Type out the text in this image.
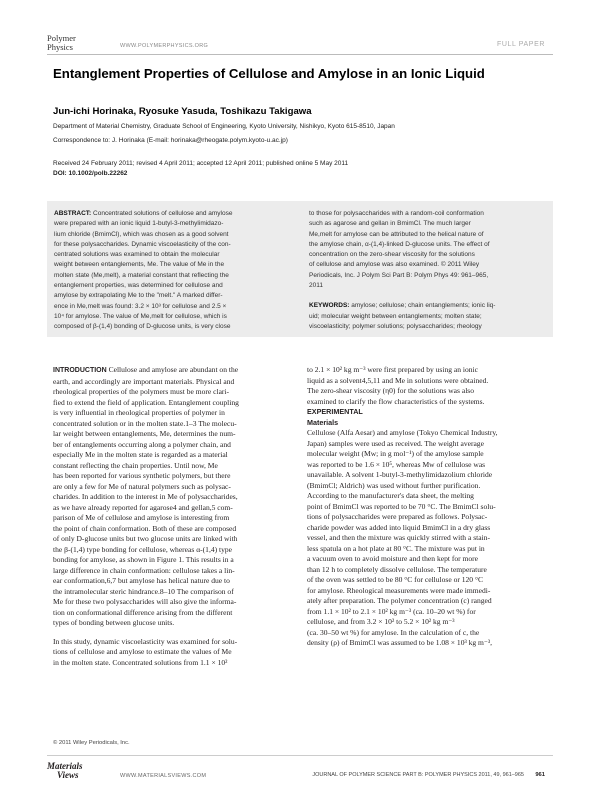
Polymer
Physics	WWW.POLYMERPHYSICS.ORG	FULL PAPER
Entanglement Properties of Cellulose and Amylose in an Ionic Liquid
Jun-ichi Horinaka, Ryosuke Yasuda, Toshikazu Takigawa
Department of Material Chemistry, Graduate School of Engineering, Kyoto University, Nishikyo, Kyoto 615-8510, Japan
Correspondence to: J. Horinaka (E-mail: horinaka@rheogate.polym.kyoto-u.ac.jp)
Received 24 February 2011; revised 4 April 2011; accepted 12 April 2011; published online 5 May 2011
DOI: 10.1002/polb.22262
ABSTRACT: Concentrated solutions of cellulose and amylose
were prepared with an ionic liquid 1-butyl-3-methylimidazo-
lium chloride (BmimCl), which was chosen as a good solvent
for these polysaccharides. Dynamic viscoelasticity of the con-
centrated solutions was examined to obtain the molecular
weight between entanglements, Me. The value of Me in the
molten state (Me,melt), a material constant that reflecting the
entanglement properties, was determined for cellulose and
amylose by extrapolating Me to the "melt." A marked differ-
ence in Me,melt was found: 3.2 × 10³ for cellulose and 2.5 ×
10⁴ for amylose. The value of Me,melt for cellulose, which is
composed of β-(1,4) bonding of D-glucose units, is very close
to those for polysaccharides with a random-coil conformation
such as agarose and gellan in BmimCl. The much larger
Me,melt for amylose can be attributed to the helical nature of
the amylose chain, α-(1,4)-linked D-glucose units. The effect of
concentration on the zero-shear viscosity for the solutions
of cellulose and amylose was also examined. © 2011 Wiley
Periodicals, Inc. J Polym Sci Part B: Polym Phys 49: 961–965,
2011
KEYWORDS: amylose; cellulose; chain entanglements; ionic liq-
uid; molecular weight between entanglements; molten state;
viscoelasticity; polymer solutions; polysaccharides; rheology

INTRODUCTION Cellulose and amylose are abundant on the

earth, and accordingly are important materials. Physical and

rheological properties of the polymers must be more clari-

fied to extend the field of application. Entanglement coupling

is very influential in rheological properties of polymer in

concentrated solution or in the molten state.1–3 The molecu-

lar weight between entanglements, Me, determines the num-

ber of entanglements occurring along a polymer chain, and

especially Me in the molten state is regarded as a material

constant reflecting the chain properties. Until now, Me

has been reported for various synthetic polymers, but there

are only a few for Me of natural polymers such as polysac-

charides. In addition to the interest in Me of polysaccharides,

as we have already reported for agarose4 and gellan,5 com-

parison of Me of cellulose and amylose is interesting from

the point of chain conformation. Both of these are composed

of only D-glucose units but two glucose units are linked with

the β-(1,4) type bonding for cellulose, whereas α-(1,4) type

bonding for amylose, as shown in Figure 1. This results in a

large difference in chain conformation: cellulose takes a lin-

ear conformation,6,7 but amylose has helical nature due to

the intramolecular steric hindrance.8–10 The comparison of

Me for these two polysaccharides will also give the informa-

tion on conformational difference arising from the different

types of bonding between glucose units.

In this study, dynamic viscoelasticity was examined for solu-

tions of cellulose and amylose to estimate the values of Me

in the molten state. Concentrated solutions from 1.1 × 10²

to 2.1 × 10² kg m⁻³ were first prepared by using an ionic

liquid as a solvent4,5,11 and Me in solutions were obtained.

The zero-shear viscosity (η0) for the solutions was also

examined to clarify the flow characteristics of the systems.

EXPERIMENTAL

Materials

Cellulose (Alfa Aesar) and amylose (Tokyo Chemical Industry,

Japan) samples were used as received. The weight average

molecular weight (Mw; in g mol⁻¹) of the amylose sample

was reported to be 1.6 × 10⁵, whereas Mw of cellulose was

unavailable. A solvent 1-butyl-3-methylimidazolium chloride

(BmimCl; Aldrich) was used without further purification.

According to the manufacturer's data sheet, the melting

point of BmimCl was reported to be 70 °C. The BmimCl solu-

tions of polysaccharides were prepared as follows. Polysac-

charide powder was added into liquid BmimCl in a dry glass

vessel, and then the mixture was quickly stirred with a stain-

less spatula on a hot plate at 80 °C. The mixture was put in

a vacuum oven to avoid moisture and then kept for more

than 12 h to completely dissolve cellulose. The temperature

of the oven was settled to be 80 °C for cellulose or 120 °C

for amylose. Rheological measurements were made immedi-

ately after preparation. The polymer concentration (c) ranged

from 1.1 × 10² to 2.1 × 10² kg m⁻³ (ca. 10–20 wt %) for

cellulose, and from 3.2 × 10² to 5.2 × 10² kg m⁻³

(ca. 30–50 wt %) for amylose. In the calculation of c, the

density (ρ) of BmimCl was assumed to be 1.08 × 10³ kg m⁻³,

© 2011 Wiley Periodicals, Inc.
Materials
Views	WWW.MATERIALSVIEWS.COM	JOURNAL OF POLYMER SCIENCE PART B: POLYMER PHYSICS 2011, 49, 961–965 961
